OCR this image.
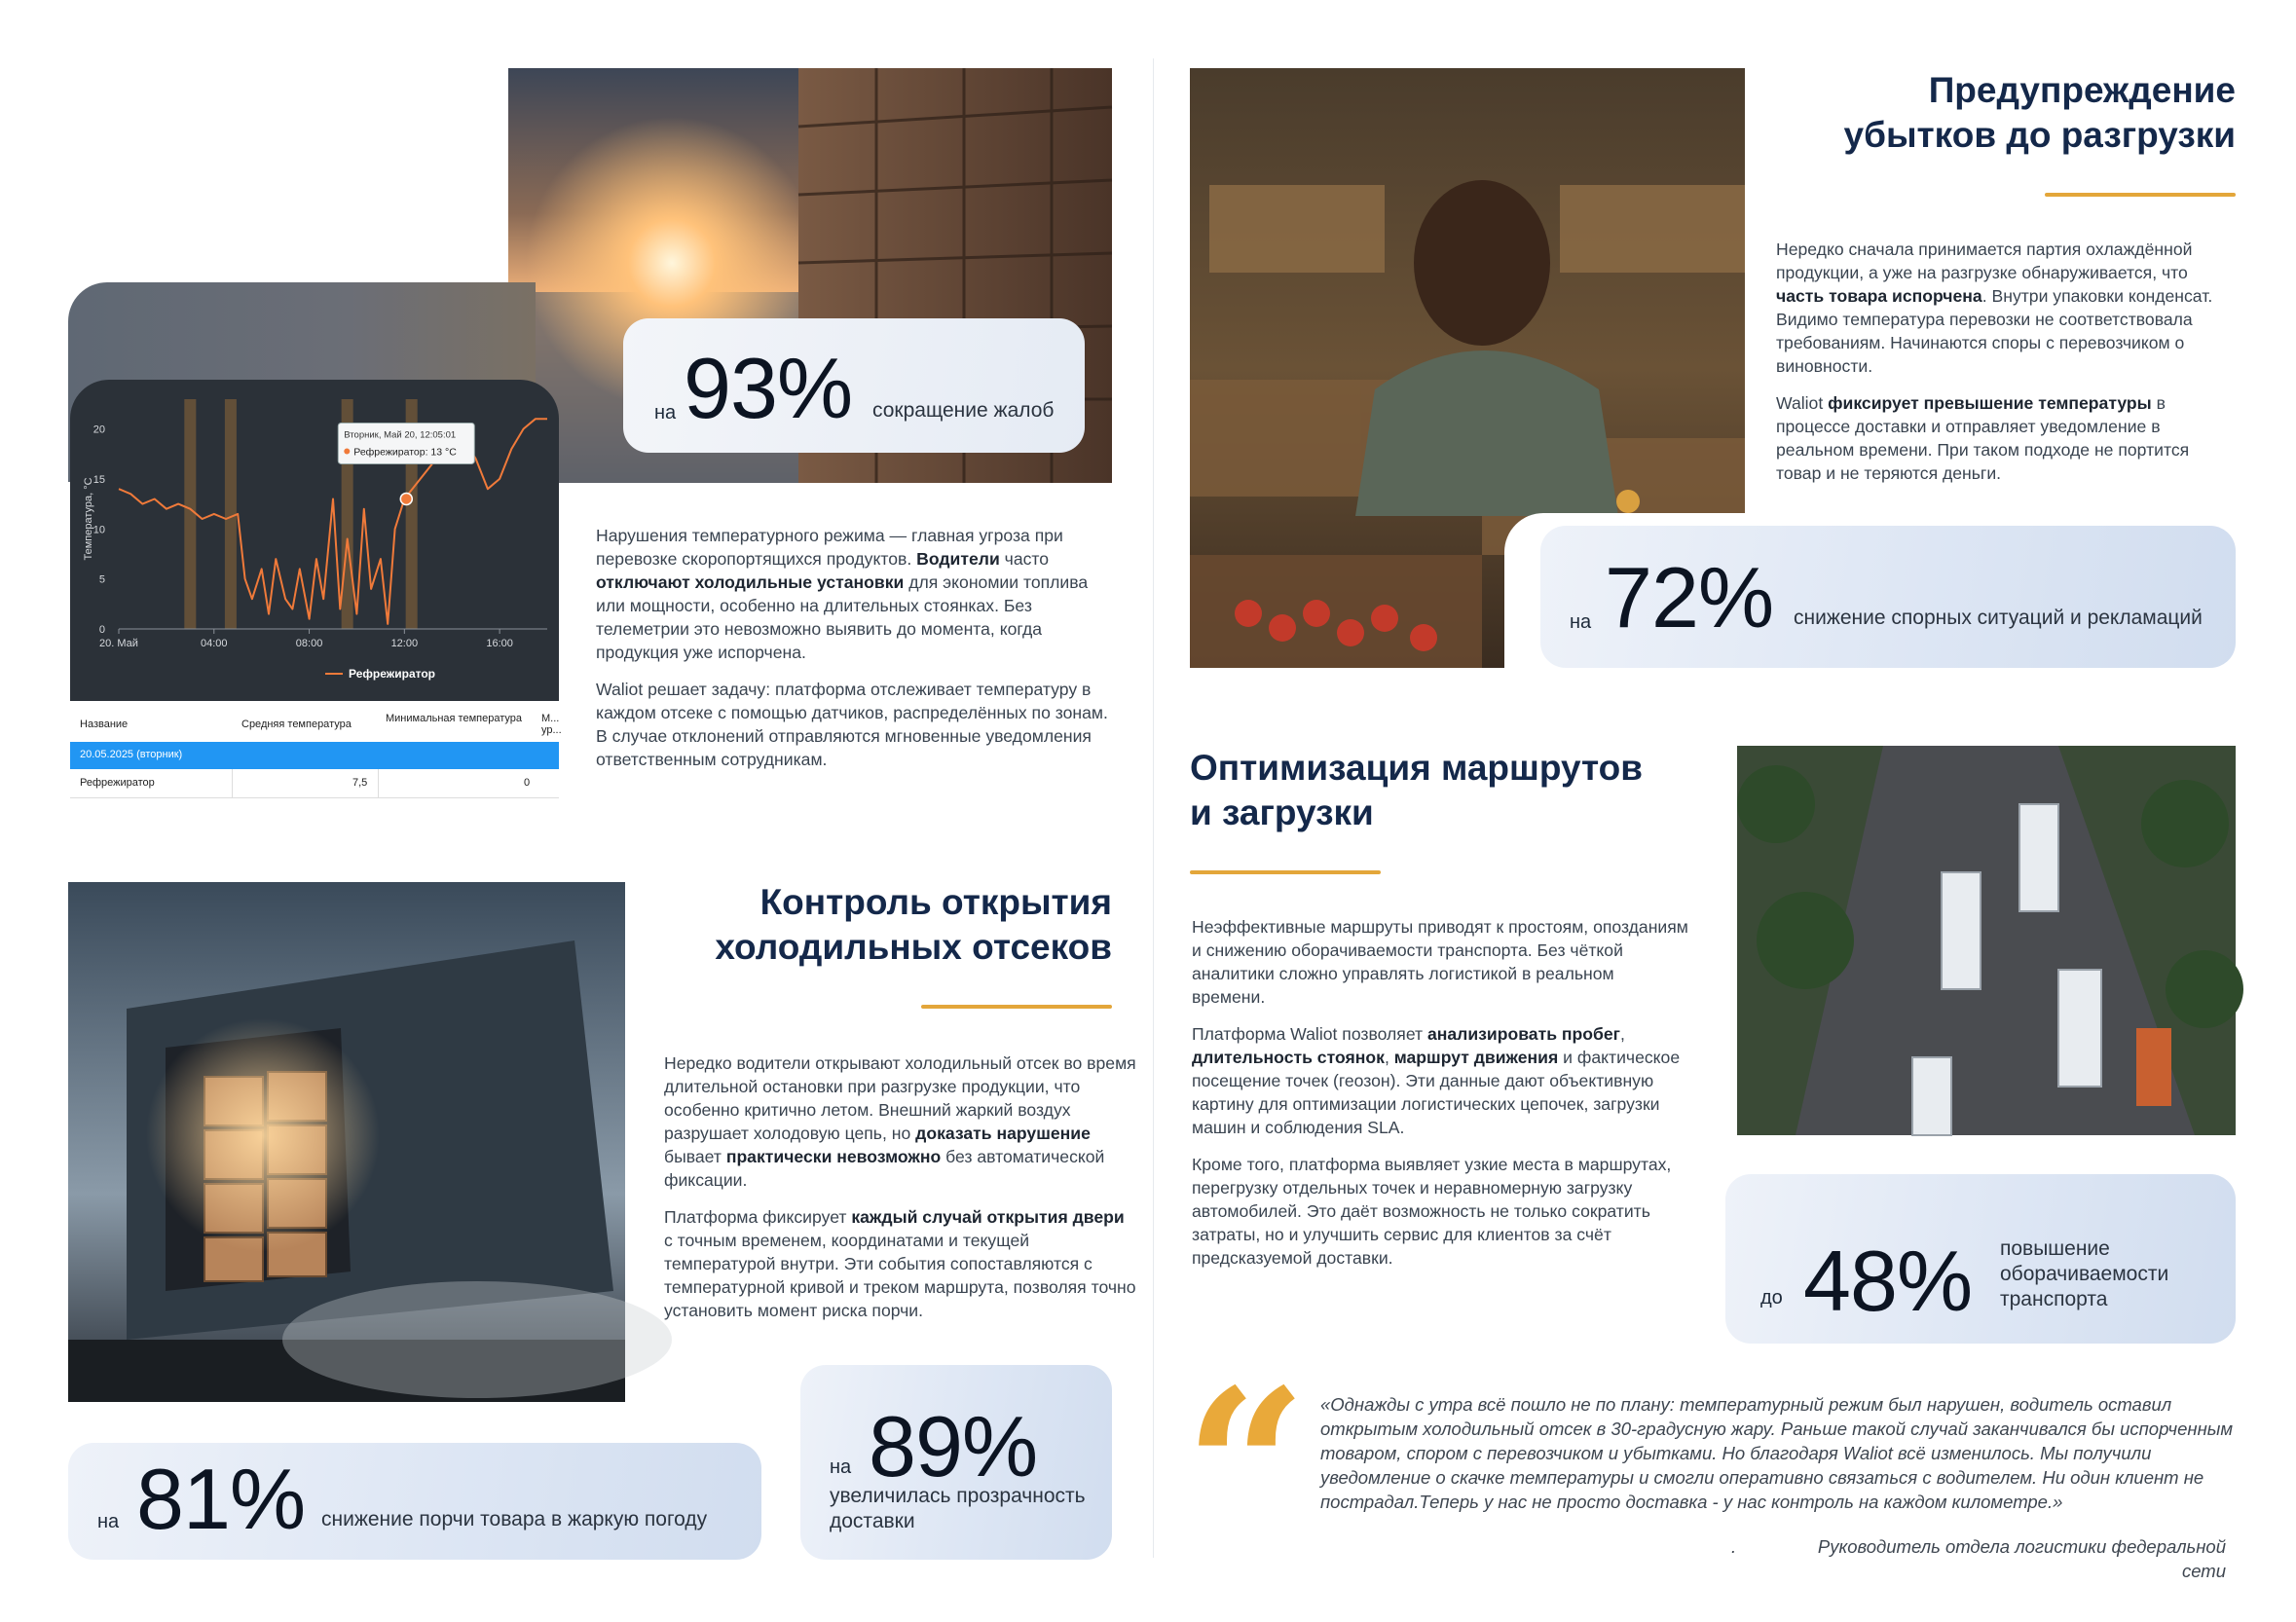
на 93% сокращение жалоб
0
5
10
15
20
20. Май	04:00	08:00	12:00	16:00
Температура, °C
Вторник, Май 20, 12:05:01
Рефрежиратор: 13 °C
Рефрежиратор
Название	Средняя температура	Минимальная температура	М... ур...
20.05.2025 (вторник)
Рефрежиратор	7,5	0

Нарушения температурного режима — главная угроза при перевозке скоропортящихся продуктов. Водители часто отключают холодильные установки для экономии топлива или мощности, особенно на длительных стоянках. Без телеметрии это невозможно выявить до момента, когда продукция уже испорчена.

Waliot решает задачу: платформа отслеживает температуру в каждом отсеке с помощью датчиков, распределённых по зонам. В случае отклонений отправляются мгновенные уведомления ответственным сотрудникам.

Предупреждение
убытков до разгрузки

Нередко сначала принимается партия охлаждённой продукции, а уже на разгрузке обнаруживается, что часть товара испорчена. Внутри упаковки конденсат. Видимо температура перевозки не соответствовала требованиям. Начинаются споры с перевозчиком о виновности.

Waliot фиксирует превышение температуры в процессе доставки и отправляет уведомление в реальном времени. При таком подходе не портится товар и не теряются деньги.

на 72% снижение спорных ситуаций и рекламаций
Контроль открытия
холодильных отсеков

Нередко водители открывают холодильный отсек во время длительной остановки при разгрузке продукции, что особенно критично летом. Внешний жаркий воздух разрушает холодовую цепь, но доказать нарушение бывает практически невозможно без автоматической фиксации.

Платформа фиксирует каждый случай открытия двери с точным временем, координатами и текущей температурой внутри. Эти события сопоставляются с температурной кривой и треком маршрута, позволяя точно установить момент риска порчи.

на 81% снижение порчи товара в жаркую погоду
на 89%
увеличилась прозрачность
доставки
Оптимизация маршрутов
и загрузки

Неэффективные маршруты приводят к простоям, опозданиям и снижению оборачиваемости транспорта. Без чёткой аналитики сложно управлять логистикой в реальном времени.

Платформа Waliot позволяет анализировать пробег, длительность стоянок, маршрут движения и фактическое посещение точек (геозон). Эти данные дают объективную картину для оптимизации логистических цепочек, загрузки машин и соблюдения SLA.

Кроме того, платформа выявляет узкие места в маршрутах, перегрузку отдельных точек и неравномерную загрузку автомобилей. Это даёт возможность не только сократить затраты, но и улучшить сервис для клиентов за счёт предсказуемой доставки.

до 48% повышение
оборачиваемости
транспорта
“ «Однажды с утра всё пошло не по плану: температурный режим был нарушен, водитель оставил открытым холодильный отсек в 30-градусную жару. Раньше такой случай заканчивался бы испорченным товаром, спором с перевозчиком и убытками. Но благодаря Waliot всё изменилось. Мы получили уведомление о скачке температуры и смогли оперативно связаться с водителем. Ни один клиент не пострадал.Теперь у нас не просто доставка - у нас контроль на каждом километре.»
.	Руководитель отдела логистики федеральной сети
